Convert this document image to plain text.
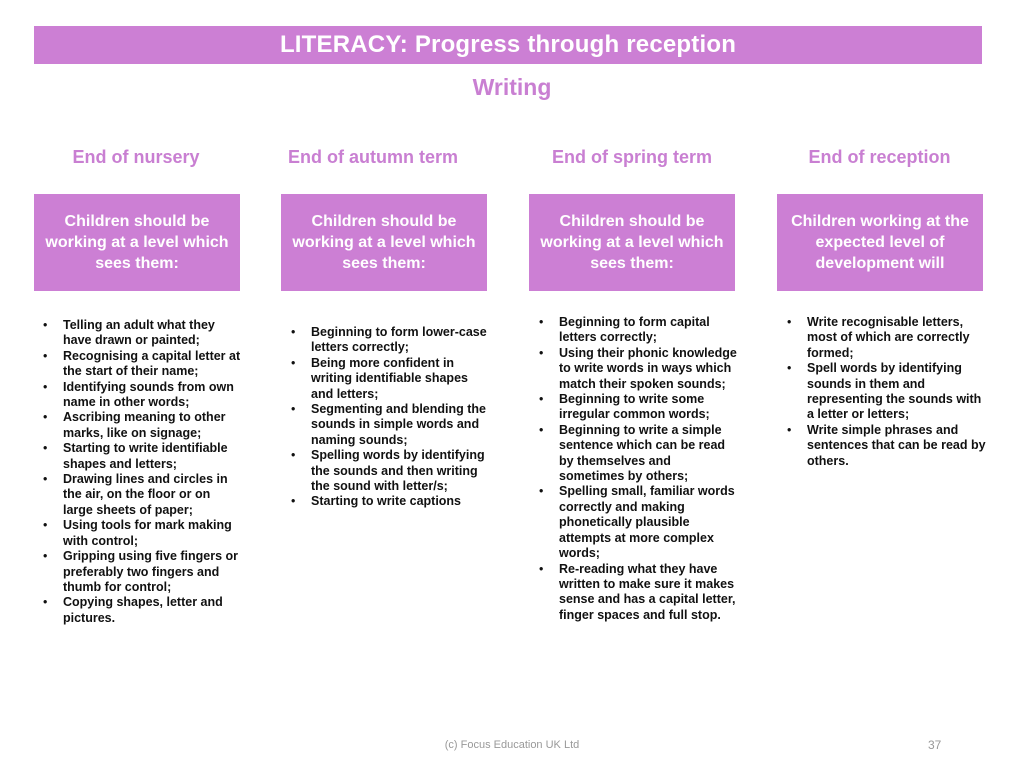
LITERACY: Progress through reception
Writing
End of nursery	End of autumn term	End of spring term	End of reception
Children should be working at a level which sees them:
Children should be working at a level which sees them:
Children should be working at a level which sees them:
Children working at the expected level of development will
• Telling an adult what they have drawn or painted;
• Recognising a capital letter at the start of their name;
• Identifying sounds from own name in other words;
• Ascribing meaning to other marks, like on signage;
• Starting to write identifiable shapes and letters;
• Drawing lines and circles in the air, on the floor or on large sheets of paper;
• Using tools for mark making with control;
• Gripping using five fingers or preferably two fingers and thumb for control;
• Copying shapes, letter and pictures.
• Beginning to form lower-case letters correctly;
• Being more confident in writing identifiable shapes and letters;
• Segmenting and blending the sounds in simple words and naming sounds;
• Spelling words by identifying the sounds and then writing the sound with letter/s;
• Starting to write captions
• Beginning to form capital letters correctly;
• Using their phonic knowledge to write words in ways which match their spoken sounds;
• Beginning to write some irregular common words;
• Beginning to write a simple sentence which can be read by themselves and sometimes by others;
• Spelling small, familiar words correctly and making phonetically plausible attempts at more complex words;
• Re-reading what they have written to make sure it makes sense and has a capital letter, finger spaces and full stop.
• Write recognisable letters, most of which are correctly formed;
• Spell words by identifying sounds in them and representing the sounds with a letter or letters;
• Write simple phrases and sentences that can be read by others.
(c) Focus Education UK Ltd	37
